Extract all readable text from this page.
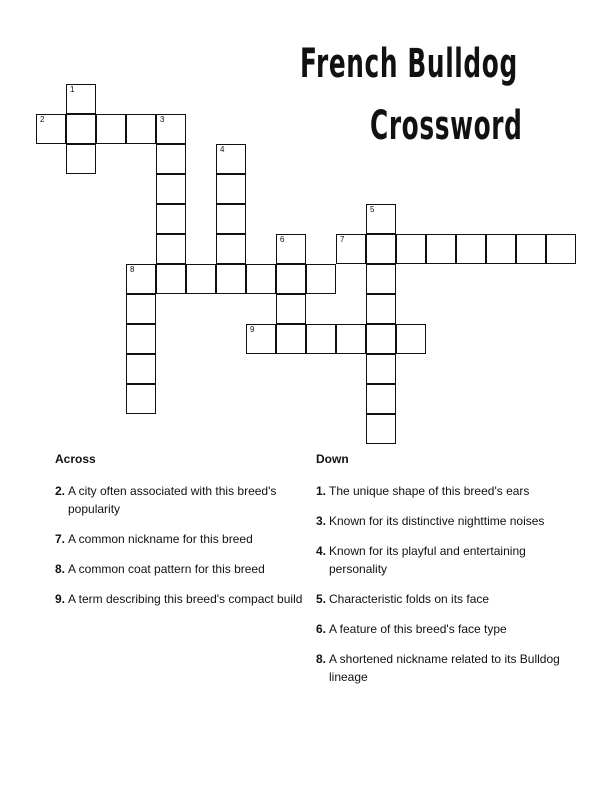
French Bulldog
Crossword
1
2	3
4
5
6	7
8
9
Across
2. A city often associated with this breed's popularity
7. A common nickname for this breed
8. A common coat pattern for this breed
9. A term describing this breed's compact build
Down
1. The unique shape of this breed's ears
3. Known for its distinctive nighttime noises
4. Known for its playful and entertaining personality
5. Characteristic folds on its face
6. A feature of this breed's face type
8. A shortened nickname related to its Bulldog lineage
